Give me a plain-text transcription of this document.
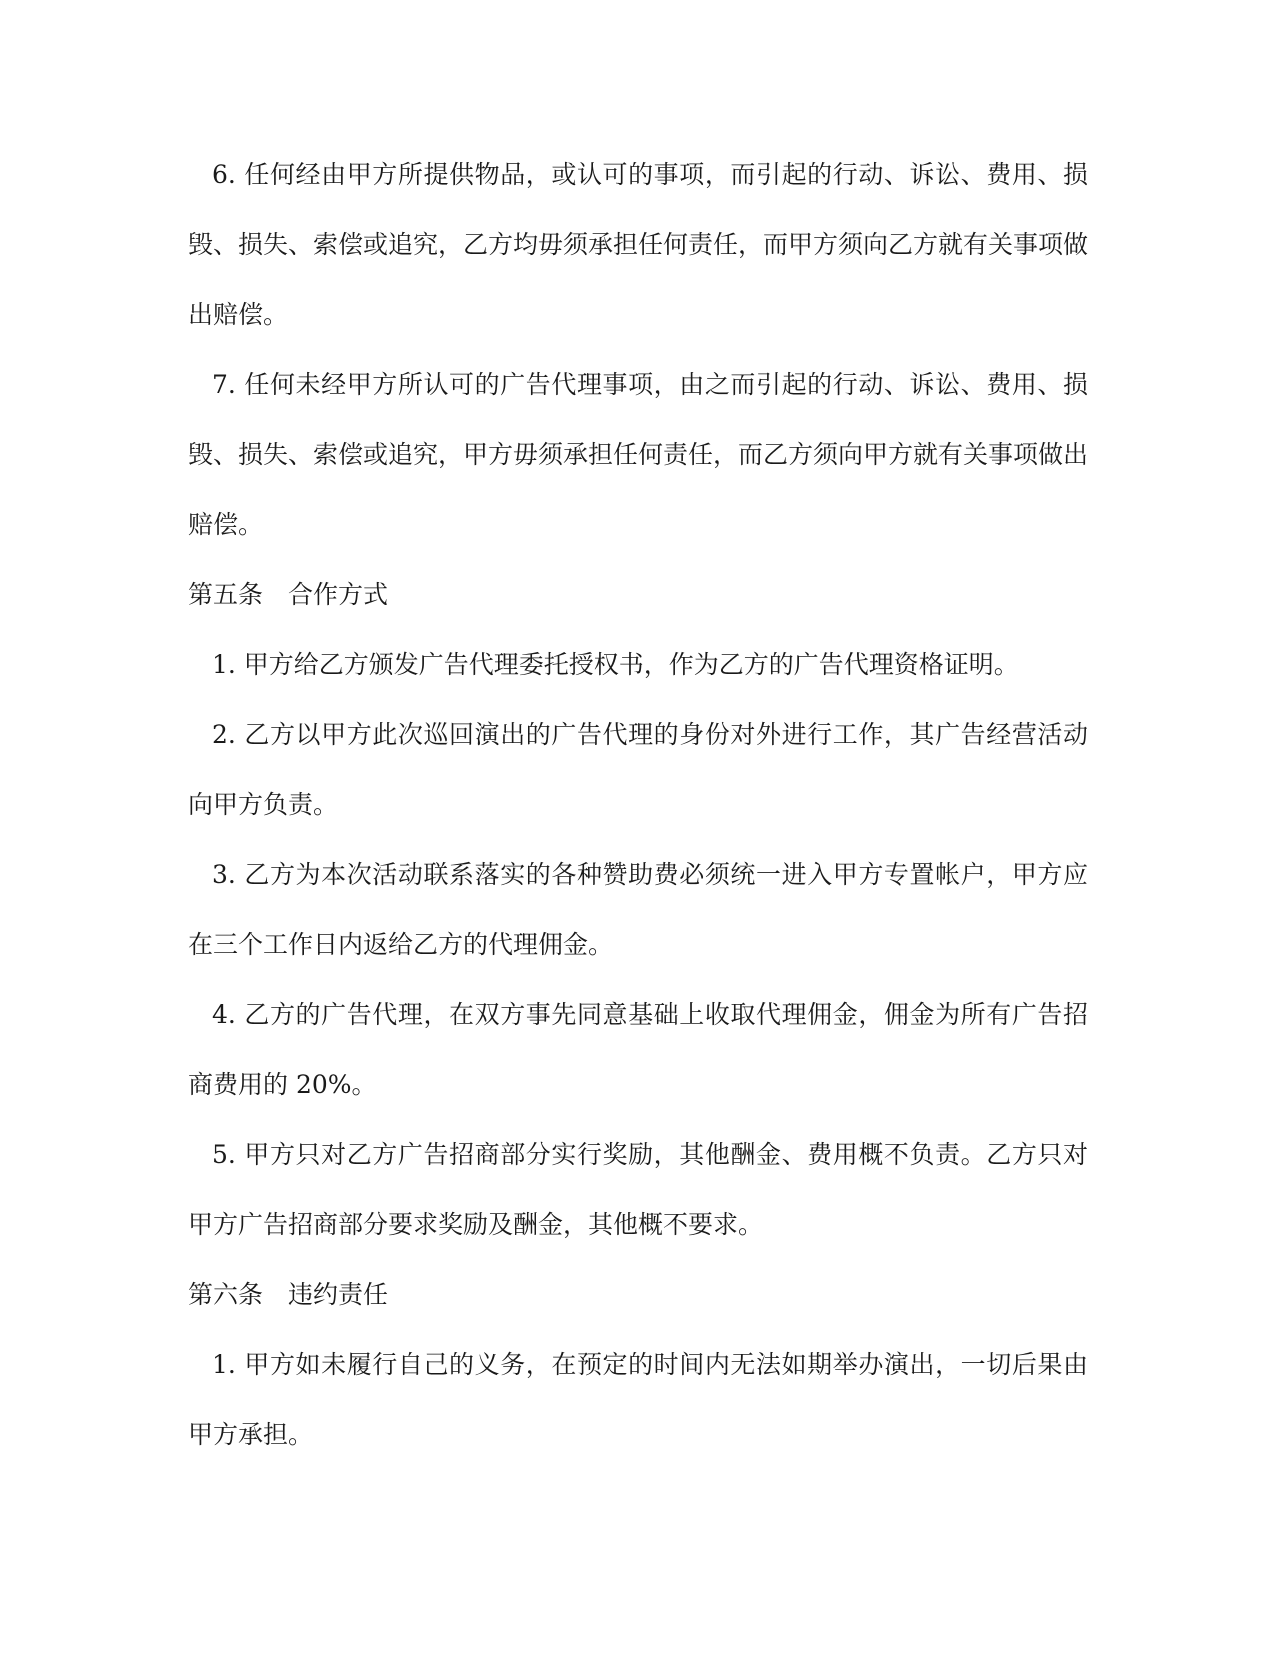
6. 任何经由甲方所提供物品，或认可的事项，而引起的行动、诉讼、费用、损毁、损失、索偿或追究，乙方均毋须承担任何责任，而甲方须向乙方就有关事项做出赔偿。

7. 任何未经甲方所认可的广告代理事项，由之而引起的行动、诉讼、费用、损毁、损失、索偿或追究，甲方毋须承担任何责任，而乙方须向甲方就有关事项做出赔偿。

第五条　合作方式

1. 甲方给乙方颁发广告代理委托授权书，作为乙方的广告代理资格证明。

2. 乙方以甲方此次巡回演出的广告代理的身份对外进行工作，其广告经营活动向甲方负责。

3. 乙方为本次活动联系落实的各种赞助费必须统一进入甲方专置帐户，甲方应在三个工作日内返给乙方的代理佣金。

4. 乙方的广告代理，在双方事先同意基础上收取代理佣金，佣金为所有广告招商费用的 20%。

5. 甲方只对乙方广告招商部分实行奖励，其他酬金、费用概不负责。乙方只对甲方广告招商部分要求奖励及酬金，其他概不要求。

第六条　违约责任

1. 甲方如未履行自己的义务，在预定的时间内无法如期举办演出，一切后果由甲方承担。
